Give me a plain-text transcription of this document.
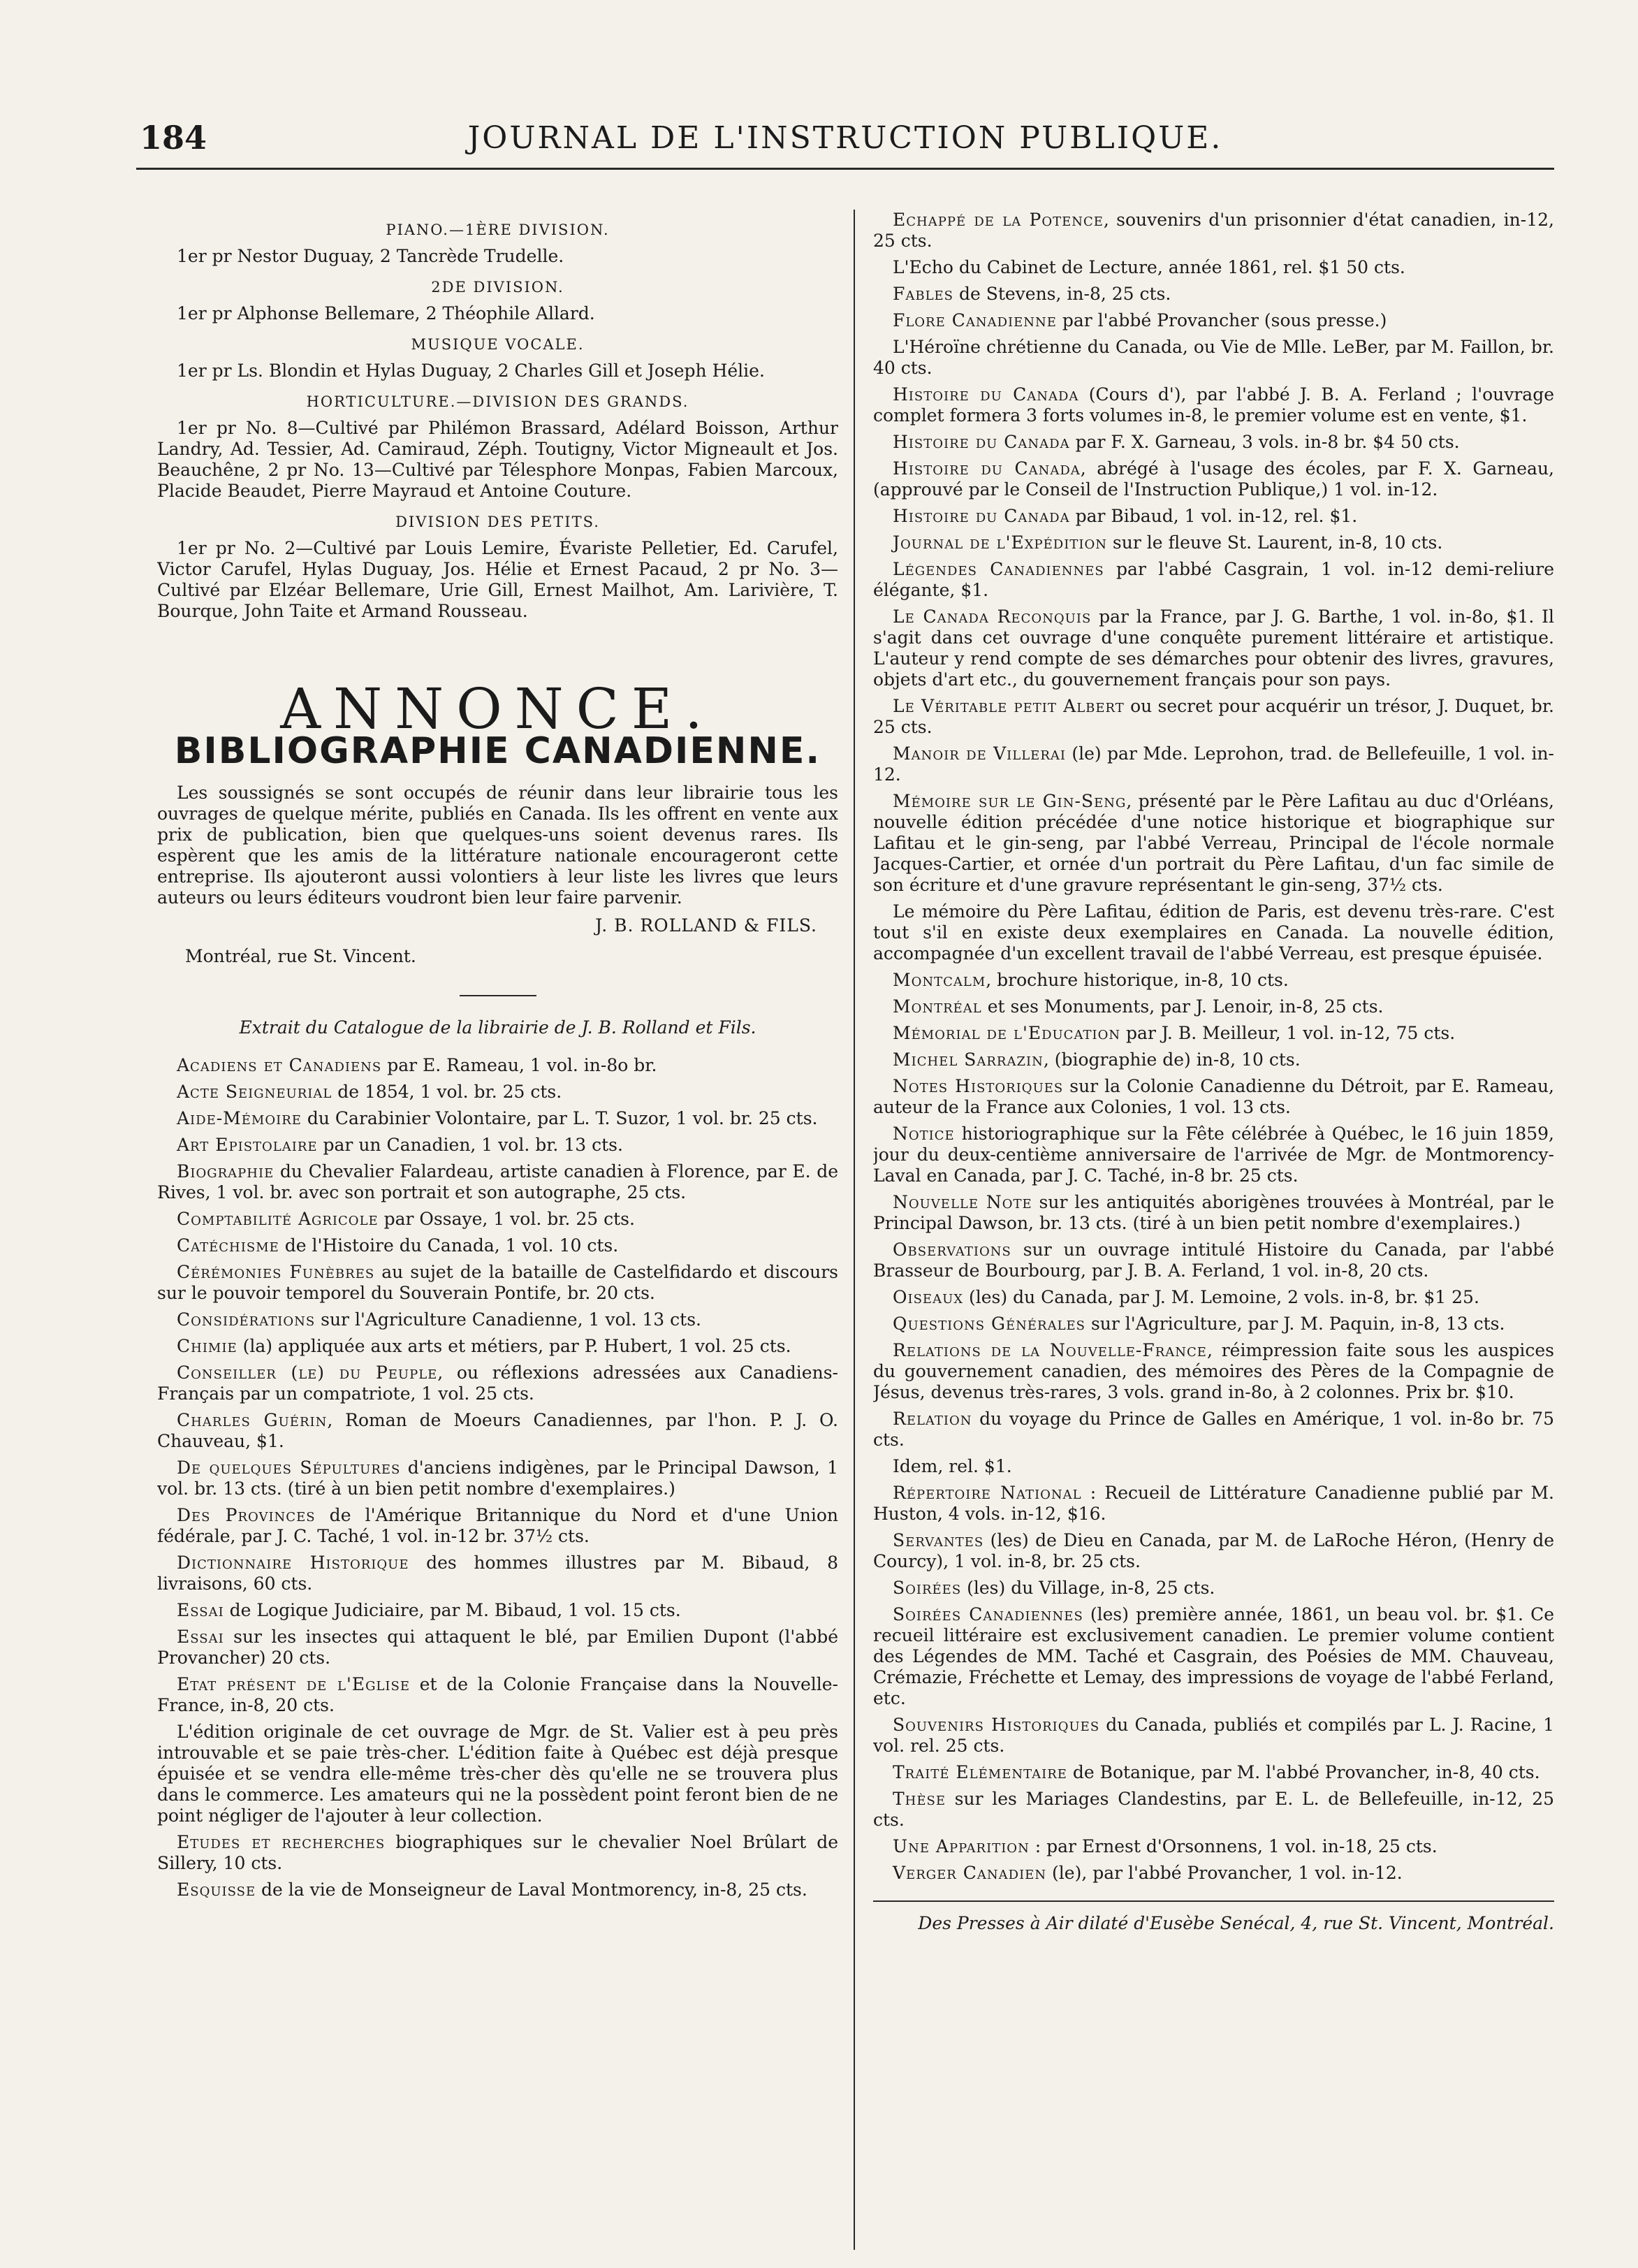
184	JOURNAL DE L'INSTRUCTION PUBLIQUE.
PIANO.—1ÈRE DIVISION.

1er pr Nestor Duguay, 2 Tancrède Trudelle.

2DE DIVISION.

1er pr Alphonse Bellemare, 2 Théophile Allard.

MUSIQUE VOCALE.

1er pr Ls. Blondin et Hylas Duguay, 2 Charles Gill et Joseph Hélie.

HORTICULTURE.—DIVISION DES GRANDS.

1er pr No. 8—Cultivé par Philémon Brassard, Adélard Boisson, Arthur Landry, Ad. Tessier, Ad. Camiraud, Zéph. Toutigny, Victor Migneault et Jos. Beauchêne, 2 pr No. 13—Cultivé par Télesphore Monpas, Fabien Marcoux, Placide Beaudet, Pierre Mayraud et Antoine Couture.

DIVISION DES PETITS.

1er pr No. 2—Cultivé par Louis Lemire, Évariste Pelletier, Ed. Carufel, Victor Carufel, Hylas Duguay, Jos. Hélie et Ernest Pacaud, 2 pr No. 3—Cultivé par Elzéar Bellemare, Urie Gill, Ernest Mailhot, Am. Larivière, T. Bourque, John Taite et Armand Rousseau.

ANNONCE.
BIBLIOGRAPHIE CANADIENNE.

Les soussignés se sont occupés de réunir dans leur librairie tous les ouvrages de quelque mérite, publiés en Canada. Ils les offrent en vente aux prix de publication, bien que quelques-uns soient devenus rares. Ils espèrent que les amis de la littérature nationale encourageront cette entreprise. Ils ajouteront aussi volontiers à leur liste les livres que leurs auteurs ou leurs éditeurs voudront bien leur faire parvenir.

J. B. ROLLAND & FILS.
Montréal, rue St. Vincent.
Extrait du Catalogue de la librairie de J. B. Rolland et Fils.

Acadiens et Canadiens par E. Rameau, 1 vol. in-8o br.

Acte Seigneurial de 1854, 1 vol. br. 25 cts.

Aide-Mémoire du Carabinier Volontaire, par L. T. Suzor, 1 vol. br. 25 cts.

Art Epistolaire par un Canadien, 1 vol. br. 13 cts.

Biographie du Chevalier Falardeau, artiste canadien à Florence, par E. de Rives, 1 vol. br. avec son portrait et son autographe, 25 cts.

Comptabilité Agricole par Ossaye, 1 vol. br. 25 cts.

Catéchisme de l'Histoire du Canada, 1 vol. 10 cts.

Cérémonies Funèbres au sujet de la bataille de Castelfidardo et discours sur le pouvoir temporel du Souverain Pontife, br. 20 cts.

Considérations sur l'Agriculture Canadienne, 1 vol. 13 cts.

Chimie (la) appliquée aux arts et métiers, par P. Hubert, 1 vol. 25 cts.

Conseiller (le) du Peuple, ou réflexions adressées aux Canadiens-Français par un compatriote, 1 vol. 25 cts.

Charles Guérin, Roman de Moeurs Canadiennes, par l'hon. P. J. O. Chauveau, $1.

De quelques Sépultures d'anciens indigènes, par le Principal Dawson, 1 vol. br. 13 cts. (tiré à un bien petit nombre d'exemplaires.)

Des Provinces de l'Amérique Britannique du Nord et d'une Union fédérale, par J. C. Taché, 1 vol. in-12 br. 37½ cts.

Dictionnaire Historique des hommes illustres par M. Bibaud, 8 livraisons, 60 cts.

Essai de Logique Judiciaire, par M. Bibaud, 1 vol. 15 cts.

Essai sur les insectes qui attaquent le blé, par Emilien Dupont (l'abbé Provancher) 20 cts.

Etat présent de l'Eglise et de la Colonie Française dans la Nouvelle-France, in-8, 20 cts.

L'édition originale de cet ouvrage de Mgr. de St. Valier est à peu près introuvable et se paie très-cher. L'édition faite à Québec est déjà presque épuisée et se vendra elle-même très-cher dès qu'elle ne se trouvera plus dans le commerce. Les amateurs qui ne la possèdent point feront bien de ne point négliger de l'ajouter à leur collection.

Etudes et recherches biographiques sur le chevalier Noel Brûlart de Sillery, 10 cts.

Esquisse de la vie de Monseigneur de Laval Montmorency, in-8, 25 cts.

Echappé de la Potence, souvenirs d'un prisonnier d'état canadien, in-12, 25 cts.

L'Echo du Cabinet de Lecture, année 1861, rel. $1 50 cts.

Fables de Stevens, in-8, 25 cts.

Flore Canadienne par l'abbé Provancher (sous presse.)

L'Héroïne chrétienne du Canada, ou Vie de Mlle. LeBer, par M. Faillon, br. 40 cts.

Histoire du Canada (Cours d'), par l'abbé J. B. A. Ferland ; l'ouvrage complet formera 3 forts volumes in-8, le premier volume est en vente, $1.

Histoire du Canada par F. X. Garneau, 3 vols. in-8 br. $4 50 cts.

Histoire du Canada, abrégé à l'usage des écoles, par F. X. Garneau, (approuvé par le Conseil de l'Instruction Publique,) 1 vol. in-12.

Histoire du Canada par Bibaud, 1 vol. in-12, rel. $1.

Journal de l'Expédition sur le fleuve St. Laurent, in-8, 10 cts.

Légendes Canadiennes par l'abbé Casgrain, 1 vol. in-12 demi-reliure élégante, $1.

Le Canada Reconquis par la France, par J. G. Barthe, 1 vol. in-8o, $1. Il s'agit dans cet ouvrage d'une conquête purement littéraire et artistique. L'auteur y rend compte de ses démarches pour obtenir des livres, gravures, objets d'art etc., du gouvernement français pour son pays.

Le Véritable petit Albert ou secret pour acquérir un trésor, J. Duquet, br. 25 cts.

Manoir de Villerai (le) par Mde. Leprohon, trad. de Bellefeuille, 1 vol. in-12.

Mémoire sur le Gin-Seng, présenté par le Père Lafitau au duc d'Orléans, nouvelle édition précédée d'une notice historique et biographique sur Lafitau et le gin-seng, par l'abbé Verreau, Principal de l'école normale Jacques-Cartier, et ornée d'un portrait du Père Lafitau, d'un fac simile de son écriture et d'une gravure représentant le gin-seng, 37½ cts.

Le mémoire du Père Lafitau, édition de Paris, est devenu très-rare. C'est tout s'il en existe deux exemplaires en Canada. La nouvelle édition, accompagnée d'un excellent travail de l'abbé Verreau, est presque épuisée.

Montcalm, brochure historique, in-8, 10 cts.

Montréal et ses Monuments, par J. Lenoir, in-8, 25 cts.

Mémorial de l'Education par J. B. Meilleur, 1 vol. in-12, 75 cts.

Michel Sarrazin, (biographie de) in-8, 10 cts.

Notes Historiques sur la Colonie Canadienne du Détroit, par E. Rameau, auteur de la France aux Colonies, 1 vol. 13 cts.

Notice historiographique sur la Fête célébrée à Québec, le 16 juin 1859, jour du deux-centième anniversaire de l'arrivée de Mgr. de Montmorency-Laval en Canada, par J. C. Taché, in-8 br. 25 cts.

Nouvelle Note sur les antiquités aborigènes trouvées à Montréal, par le Principal Dawson, br. 13 cts. (tiré à un bien petit nombre d'exemplaires.)

Observations sur un ouvrage intitulé Histoire du Canada, par l'abbé Brasseur de Bourbourg, par J. B. A. Ferland, 1 vol. in-8, 20 cts.

Oiseaux (les) du Canada, par J. M. Lemoine, 2 vols. in-8, br. $1 25.

Questions Générales sur l'Agriculture, par J. M. Paquin, in-8, 13 cts.

Relations de la Nouvelle-France, réimpression faite sous les auspices du gouvernement canadien, des mémoires des Pères de la Compagnie de Jésus, devenus très-rares, 3 vols. grand in-8o, à 2 colonnes. Prix br. $10.

Relation du voyage du Prince de Galles en Amérique, 1 vol. in-8o br. 75 cts.

Idem, rel. $1.

Répertoire National : Recueil de Littérature Canadienne publié par M. Huston, 4 vols. in-12, $16.

Servantes (les) de Dieu en Canada, par M. de LaRoche Héron, (Henry de Courcy), 1 vol. in-8, br. 25 cts.

Soirées (les) du Village, in-8, 25 cts.

Soirées Canadiennes (les) première année, 1861, un beau vol. br. $1. Ce recueil littéraire est exclusivement canadien. Le premier volume contient des Légendes de MM. Taché et Casgrain, des Poésies de MM. Chauveau, Crémazie, Fréchette et Lemay, des impressions de voyage de l'abbé Ferland, etc.

Souvenirs Historiques du Canada, publiés et compilés par L. J. Racine, 1 vol. rel. 25 cts.

Traité Elémentaire de Botanique, par M. l'abbé Provancher, in-8, 40 cts.

Thèse sur les Mariages Clandestins, par E. L. de Bellefeuille, in-12, 25 cts.

Une Apparition : par Ernest d'Orsonnens, 1 vol. in-18, 25 cts.

Verger Canadien (le), par l'abbé Provancher, 1 vol. in-12.

Des Presses à Air dilaté d'Eusèbe Senécal, 4, rue St. Vincent, Montréal.
